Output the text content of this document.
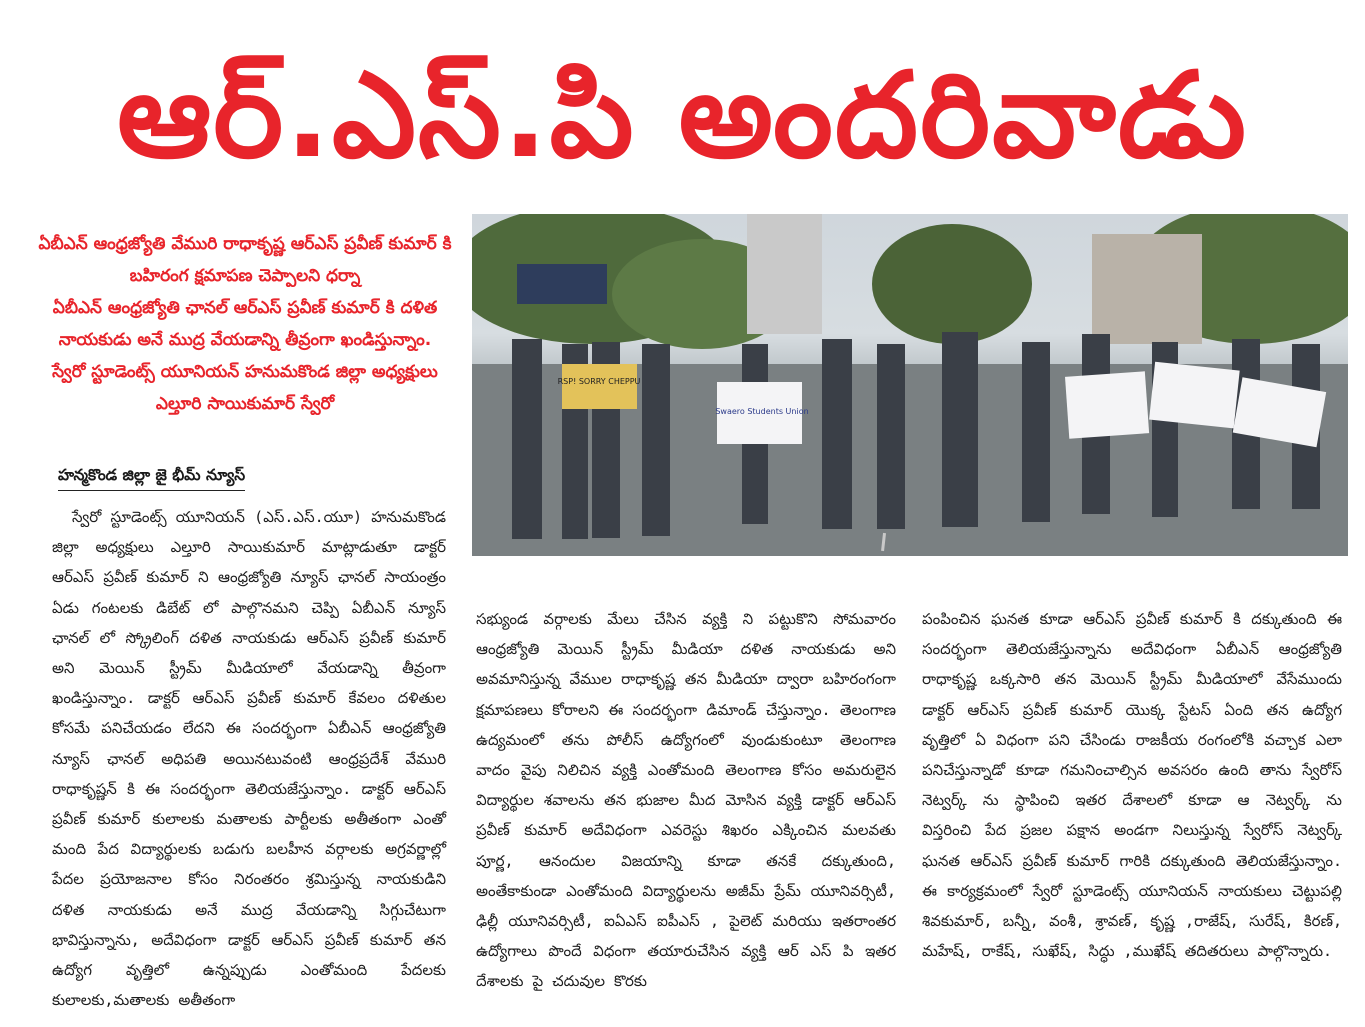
ఆర్.ఎస్.పి అందరివాడు

ఏబీఎన్ ఆంధ్రజ్యోతి వేమురి రాధాకృష్ణ ఆర్ఎస్ ప్రవీణ్ కుమార్ కి బహిరంగ క్షమాపణ చెప్పాలని ధర్నా

ఏబీఎన్ ఆంధ్రజ్యోతి ఛానల్ ఆర్ఎస్ ప్రవీణ్ కుమార్ కి దళిత నాయకుడు అనే ముద్ర వేయడాన్ని తీవ్రంగా ఖండిస్తున్నాం.

స్వేరో స్టూడెంట్స్ యూనియన్ హనుమకొండ జిల్లా అధ్యక్షులు ఎల్తూరి సాయికుమార్ స్వేరో

హన్మకొండ జిల్లా జై భీమ్ న్యూస్
RSP! SORRY CHEPPU
Swaero Students Union

స్వేరో స్టూడెంట్స్ యూనియన్ (ఎస్.ఎస్.యూ) హనుమకొండ జిల్లా అధ్యక్షులు ఎల్తూరి సాయికుమార్ మాట్లాడుతూ డాక్టర్ ఆర్ఎస్ ప్రవీణ్ కుమార్ ని ఆంధ్రజ్యోతి న్యూస్ ఛానల్ సాయంత్రం ఏడు గంటలకు డిబేట్ లో పాల్గొనమని చెప్పి ఏబీఎన్ న్యూస్ ఛానల్ లో స్క్రోలింగ్ దళిత నాయకుడు ఆర్ఎస్ ప్రవీణ్ కుమార్ అని మెయిన్ స్ట్రీమ్ మీడియాలో వేయడాన్ని తీవ్రంగా ఖండిస్తున్నాం. డాక్టర్ ఆర్ఎస్ ప్రవీణ్ కుమార్ కేవలం దళితుల కోసమే పనిచేయడం లేదని ఈ సందర్భంగా ఏబీఎన్ ఆంధ్రజ్యోతి న్యూస్ ఛానల్ అధిపతి అయినటువంటి ఆంధ్రప్రదేశ్ వేమురి రాధాకృష్ణన్ కి ఈ సందర్భంగా తెలియజేస్తున్నాం. డాక్టర్ ఆర్ఎస్ ప్రవీణ్ కుమార్ కులాలకు మతాలకు పార్టీలకు అతీతంగా ఎంతో మంది పేద విద్యార్థులకు బడుగు బలహీన వర్గాలకు అగ్రవర్ణాల్లో పేదల ప్రయోజనాల కోసం నిరంతరం శ్రమిస్తున్న నాయకుడిని దళిత నాయకుడు అనే ముద్ర వేయడాన్ని సిగ్గుచేటుగా భావిస్తున్నాను, అదేవిధంగా డాక్టర్ ఆర్ఎస్ ప్రవీణ్ కుమార్ తన ఉద్యోగ వృత్తిలో ఉన్నప్పుడు ఎంతోమంది పేదలకు కులాలకు,మతాలకు అతీతంగా

సభ్యుండ వర్గాలకు మేలు చేసిన వ్యక్తి ని పట్టుకొని సోమవారం ఆంధ్రజ్యోతి మెయిన్ స్ట్రీమ్ మీడియా దళిత నాయకుడు అని అవమానిస్తున్న వేముల రాధాకృష్ణ తన మీడియా ద్వారా బహిరంగంగా క్షమాపణలు కోరాలని ఈ సందర్భంగా డిమాండ్ చేస్తున్నాం. తెలంగాణ ఉద్యమంలో తను పోలీస్ ఉద్యోగంలో వుండుకుంటూ తెలంగాణ వాదం వైపు నిలిచిన వ్యక్తి ఎంతోమంది తెలంగాణ కోసం అమరులైన విద్యార్థుల శవాలను తన భుజాల మీద మోసిన వ్యక్తి డాక్టర్ ఆర్ఎస్ ప్రవీణ్ కుమార్ అదేవిధంగా ఎవరెస్టు శిఖరం ఎక్కించిన మలవతు పూర్ణ, ఆనందుల విజయాన్ని కూడా తనకే దక్కుతుంది, అంతేకాకుండా ఎంతోమంది విద్యార్థులను అజీమ్ ప్రేమ్ యూనివర్సిటీ, ఢిల్లీ యూనివర్సిటీ, ఐఏఎస్ ఐపీఎస్ , పైలెట్ మరియు ఇతరాంతర ఉద్యోగాలు పొందే విధంగా తయారుచేసిన వ్యక్తి ఆర్ ఎస్ పి ఇతర దేశాలకు పై చదువుల కొరకు

పంపించిన ఘనత కూడా ఆర్ఎస్ ప్రవీణ్ కుమార్ కి దక్కుతుంది ఈ సందర్భంగా తెలియజేస్తున్నాను అదేవిధంగా ఏబీఎన్ ఆంధ్రజ్యోతి రాధాకృష్ణ ఒక్కసారి తన మెయిన్ స్ట్రీమ్ మీడియాలో వేసేముందు డాక్టర్ ఆర్ఎస్ ప్రవీణ్ కుమార్ యొక్క స్టేటస్ ఏంది తన ఉద్యోగ వృత్తిలో ఏ విధంగా పని చేసిండు రాజకీయ రంగంలోకి వచ్చాక ఎలా పనిచేస్తున్నాడో కూడా గమనించాల్సిన అవసరం ఉంది తాను స్వేరోస్ నెట్వర్క్ ను స్థాపించి ఇతర దేశాలలో కూడా ఆ నెట్వర్క్ ను విస్తరించి పేద ప్రజల పక్షాన అండగా నిలుస్తున్న స్వేరోస్ నెట్వర్క్ ఘనత ఆర్ఎస్ ప్రవీణ్ కుమార్ గారికి దక్కుతుంది తెలియజేస్తున్నాం. ఈ కార్యక్రమంలో స్వేరో స్టూడెంట్స్ యూనియన్ నాయకులు చెట్టుపల్లి శివకుమార్, బన్నీ, వంశీ, శ్రావణ్, కృష్ణ ,రాజేష్, సురేష్, కిరణ్, మహేష్, రాకేష్, సుఖేష్, సిద్ధు ,ముఖేష్ తదితరులు పాల్గొన్నారు.
